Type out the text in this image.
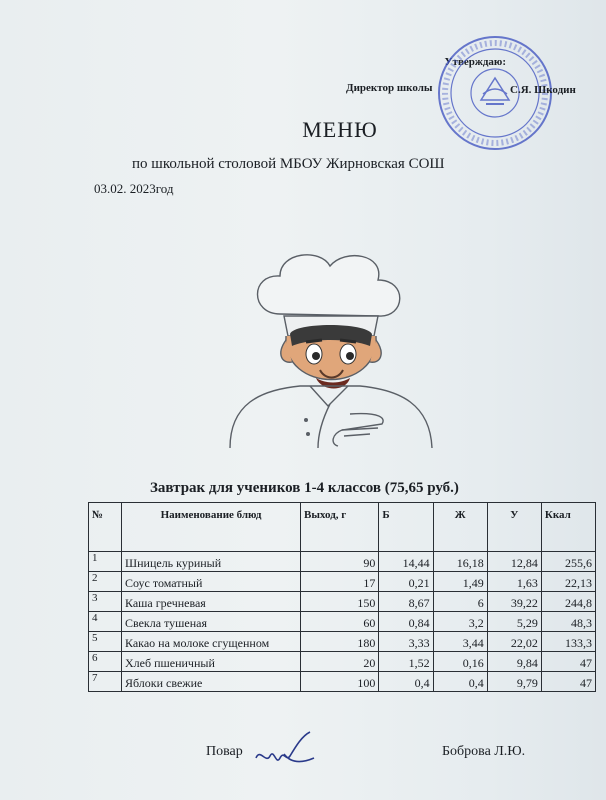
Утверждаю:
Директор школы	С.Я. Шкодин
МЕНЮ
по школьной столовой МБОУ Жирновская СОШ
03.02. 2023год
Завтрак для учеников 1-4 классов (75,65 руб.)
№	Наименование блюд	Выход, г	Б	Ж	У	Ккал
1	Шницель куриный	90	14,44	16,18	12,84	255,6
2	Соус томатный	17	0,21	1,49	1,63	22,13
3	Каша гречневая	150	8,67	6	39,22	244,8
4	Свекла тушеная	60	0,84	3,2	5,29	48,3
5	Какао на молоке сгущенном	180	3,33	3,44	22,02	133,3
6	Хлеб пшеничный	20	1,52	0,16	9,84	47
7	Яблоки свежие	100	0,4	0,4	9,79	47
Повар	Боброва Л.Ю.
